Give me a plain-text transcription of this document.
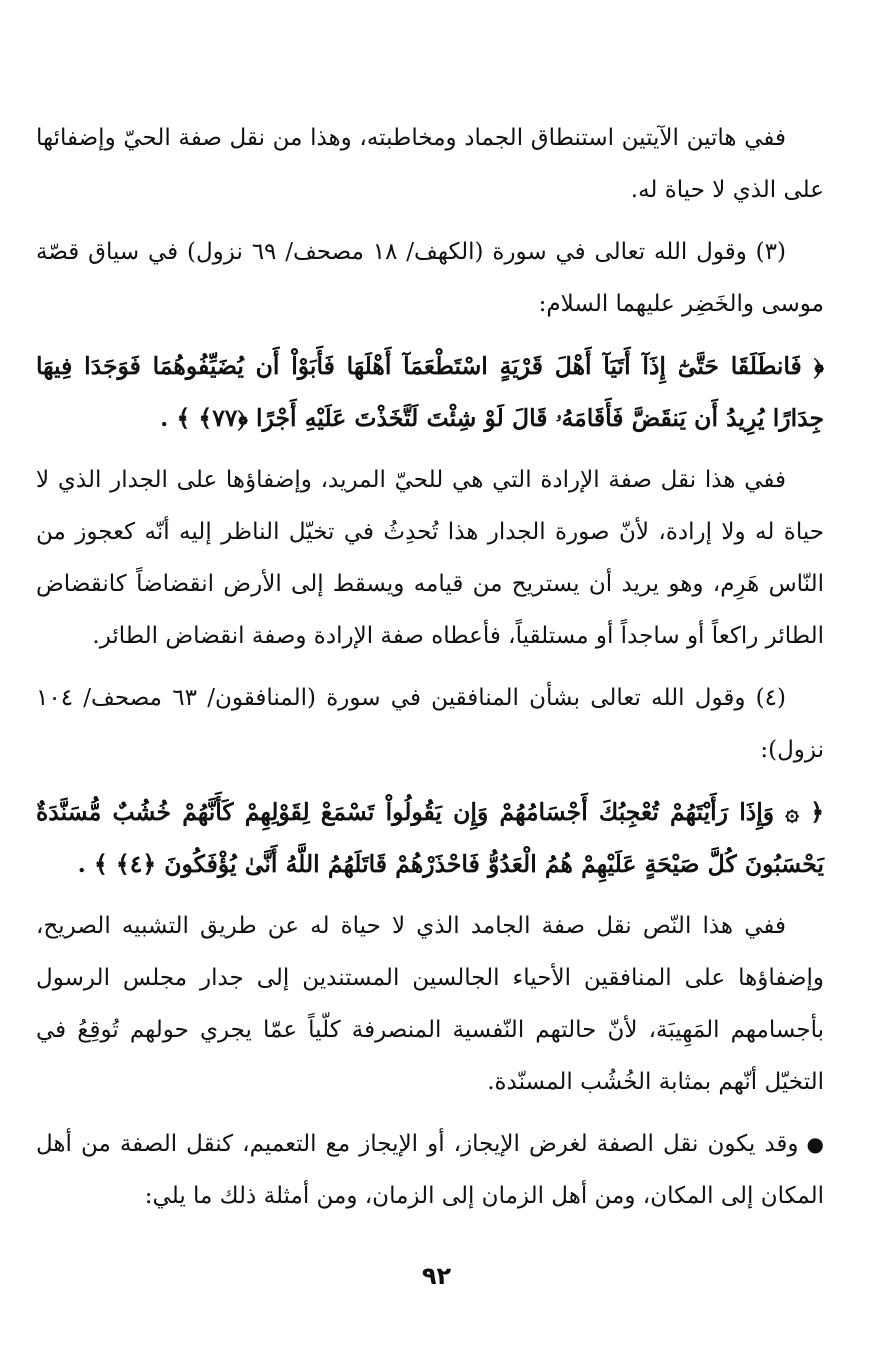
ففي هاتين الآيتين استنطاق الجماد ومخاطبته، وهذا من نقل صفة الحيّ وإضفائها على الذي لا حياة له.

(٣) وقول الله تعالى في سورة (الكهف/ ١٨ مصحف/ ٦٩ نزول) في سياق قصّة موسى والخَضِر عليهما السلام:

﴿ فَانطَلَقَا حَتَّىٰٓ إِذَآ أَتَيَآ أَهْلَ قَرْيَةٍ اسْتَطْعَمَآ أَهْلَهَا فَأَبَوْاْ أَن يُضَيِّفُوهُمَا فَوَجَدَا فِيهَا جِدَارًا يُرِيدُ أَن يَنقَضَّ فَأَقَامَهُۥ قَالَ لَوْ شِئْتَ لَتَّخَذْتَ عَلَيْهِ أَجْرًا ﴿٧٧﴾ ﴾ .

ففي هذا نقل صفة الإرادة التي هي للحيّ المريد، وإضفاؤها على الجدار الذي لا حياة له ولا إرادة، لأنّ صورة الجدار هذا تُحدِثُ في تخيّل الناظر إليه أنّه كعجوز من النّاس هَرِم، وهو يريد أن يستريح من قيامه ويسقط إلى الأرض انقضاضاً كانقضاض الطائر راكعاً أو ساجداً أو مستلقياً، فأعطاه صفة الإرادة وصفة انقضاض الطائر.

(٤) وقول الله تعالى بشأن المنافقين في سورة (المنافقون/ ٦٣ مصحف/ ١٠٤ نزول):

﴿ ۞ وَإِذَا رَأَيْتَهُمْ تُعْجِبُكَ أَجْسَامُهُمْ وَإِن يَقُولُواْ تَسْمَعْ لِقَوْلِهِمْ كَأَنَّهُمْ خُشُبٌ مُّسَنَّدَةٌ يَحْسَبُونَ كُلَّ صَيْحَةٍ عَلَيْهِمْ هُمُ الْعَدُوُّ فَاحْذَرْهُمْ قَاتَلَهُمُ اللَّهُ أَنَّىٰ يُؤْفَكُونَ ﴿٤﴾ ﴾ .

ففي هذا النّص نقل صفة الجامد الذي لا حياة له عن طريق التشبيه الصريح، وإضفاؤها على المنافقين الأحياء الجالسين المستندين إلى جدار مجلس الرسول بأجسامهم المَهِيبَة، لأنّ حالتهم النّفسية المنصرفة كلّياً عمّا يجري حولهم تُوقِعُ في التخيّل أنّهم بمثابة الخُشُب المسنّدة.

●وقد يكون نقل الصفة لغرض الإيجاز، أو الإيجاز مع التعميم، كنقل الصفة من أهل المكان إلى المكان، ومن أهل الزمان إلى الزمان، ومن أمثلة ذلك ما يلي:

٩٢
